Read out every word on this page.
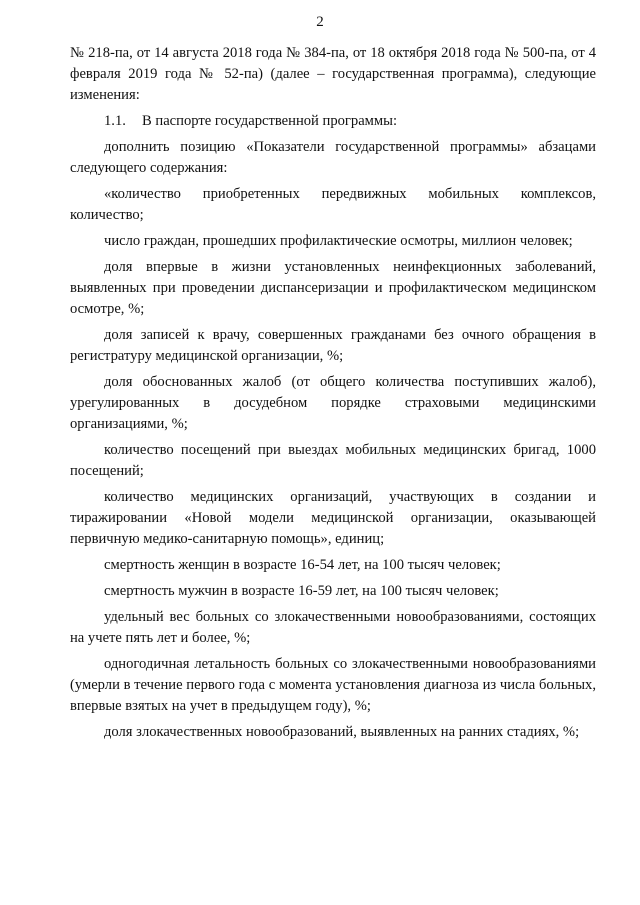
2

№ 218-па, от 14 августа 2018 года № 384-па, от 18 октября 2018 года № 500-па, от 4 февраля 2019 года № 52-па) (далее – государственная программа), следующие изменения:

1.1. В паспорте государственной программы:

дополнить позицию «Показатели государственной программы» абзацами следующего содержания:

«количество приобретенных передвижных мобильных комплексов, количество;

число граждан, прошедших профилактические осмотры, миллион человек;

доля впервые в жизни установленных неинфекционных заболеваний, выявленных при проведении диспансеризации и профилактическом медицинском осмотре, %;

доля записей к врачу, совершенных гражданами без очного обращения в регистратуру медицинской организации, %;

доля обоснованных жалоб (от общего количества поступивших жалоб), урегулированных в досудебном порядке страховыми медицинскими организациями, %;

количество посещений при выездах мобильных медицинских бригад, 1000 посещений;

количество медицинских организаций, участвующих в создании и тиражировании «Новой модели медицинской организации, оказывающей первичную медико-санитарную помощь», единиц;

смертность женщин в возрасте 16-54 лет, на 100 тысяч человек;

смертность мужчин в возрасте 16-59 лет, на 100 тысяч человек;

удельный вес больных со злокачественными новообразованиями, состоящих на учете пять лет и более, %;

одногодичная летальность больных со злокачественными новообразованиями (умерли в течение первого года с момента установления диагноза из числа больных, впервые взятых на учет в предыдущем году), %;

доля злокачественных новообразований, выявленных на ранних стадиях, %;
